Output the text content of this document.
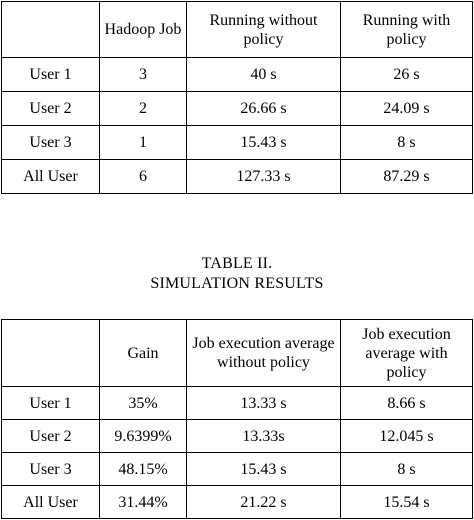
	Hadoop Job	Running without policy	Running with policy
User 1	3	40 s	26 s
User 2	2	26.66 s	24.09 s
User 3	1	15.43 s	8 s
All User	6	127.33 s	87.29 s
TABLE II.
SIMULATION RESULTS
	Gain	Job execution average without policy	Job execution average with policy
User 1	35%	13.33 s	8.66 s
User 2	9.6399%	13.33s	12.045 s
User 3	48.15%	15.43 s	8 s
All User	31.44%	21.22 s	15.54 s
